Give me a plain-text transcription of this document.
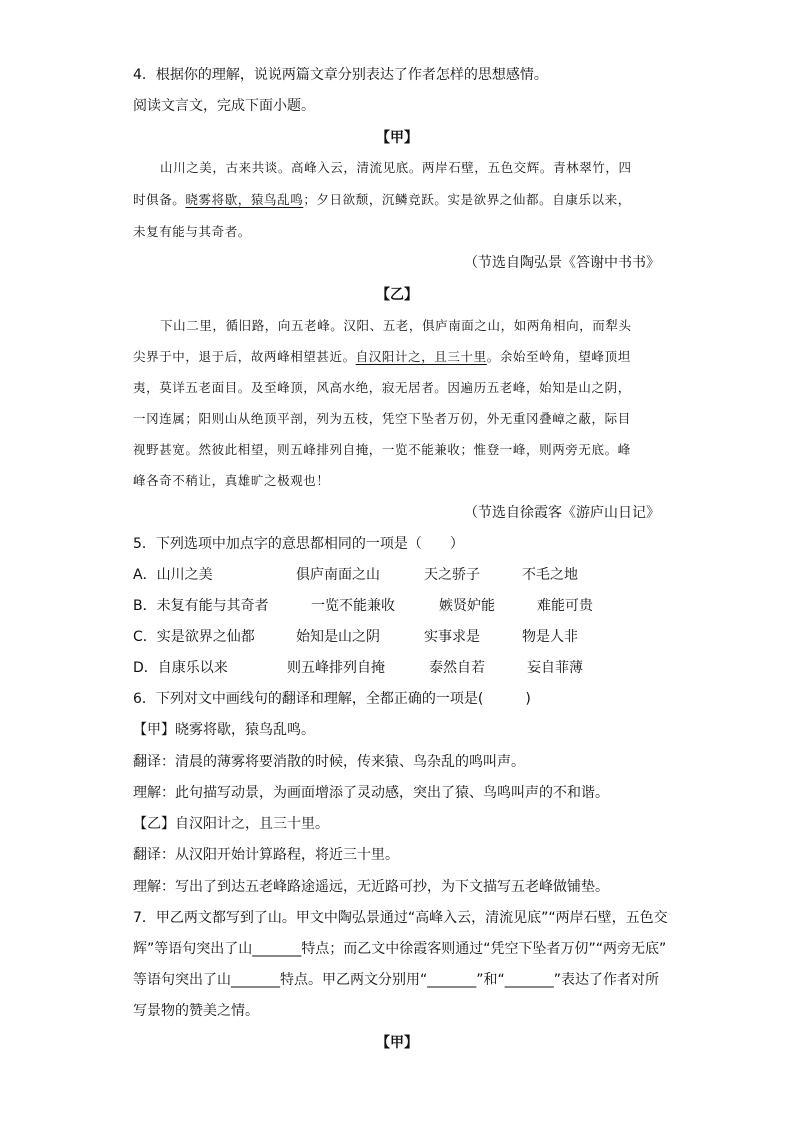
4．根据你的理解，说说两篇文章分别表达了作者怎样的思想感情。
阅读文言文，完成下面小题。
【甲】
山川之美，古来共谈。高峰入云，清流见底。两岸石壁，五色交辉。青林翠竹，四
时俱备。晓雾将歇，猿鸟乱鸣；夕日欲颓，沉鳞竞跃。实是欲界之仙都。自康乐以来，
未复有能与其奇者。
（节选自陶弘景《答谢中书书》
【乙】
下山二里，循旧路，向五老峰。汉阳、五老，俱庐南面之山，如两角相向，而犁头
尖界于中，退于后，故两峰相望甚近。自汉阳计之，且三十里。余始至岭角，望峰顶坦
夷，莫详五老面目。及至峰顶，风高水绝，寂无居者。因遍历五老峰，始知是山之阴，
一冈连属；阳则山从绝顶平剖，列为五枝，凭空下坠者万仞，外无重冈叠嶂之蔽，际目
视野甚宽。然彼此相望，则五峰排列自掩，一览不能兼收；惟登一峰，则两旁无底。峰
峰各奇不稍让，真雄旷之极观也！
（节选自徐霞客《游庐山日记》
5．下列选项中加点字的意思都相同的一项是（　　）
A．山川之美	俱庐南面之山	天之骄子	不毛之地
B．未复有能与其奇者	一览不能兼收	嫉贤妒能	难能可贵
C．实是欲界之仙都	始知是山之阴	实事求是	物是人非
D．自康乐以来	则五峰排列自掩	泰然自若	妄自菲薄
6．下列对文中画线句的翻译和理解，全都正确的一项是(　　　)
【甲】晓雾将歇，猿鸟乱鸣。
翻译：清晨的薄雾将要消散的时候，传来猿、鸟杂乱的鸣叫声。
理解：此句描写动景，为画面增添了灵动感，突出了猿、鸟鸣叫声的不和谐。
【乙】自汉阳计之，且三十里。
翻译：从汉阳开始计算路程，将近三十里。
理解：写出了到达五老峰路途遥远，无近路可抄，为下文描写五老峰做铺垫。
7．甲乙两文都写到了山。甲文中陶弘景通过“高峰入云，清流见底”“两岸石壁，五色交
辉”等语句突出了山_______特点；而乙文中徐霞客则通过“凭空下坠者万仞”“两旁无底”
等语句突出了山_______特点。甲乙两文分别用“_______”和“_______”表达了作者对所
写景物的赞美之情。
【甲】
